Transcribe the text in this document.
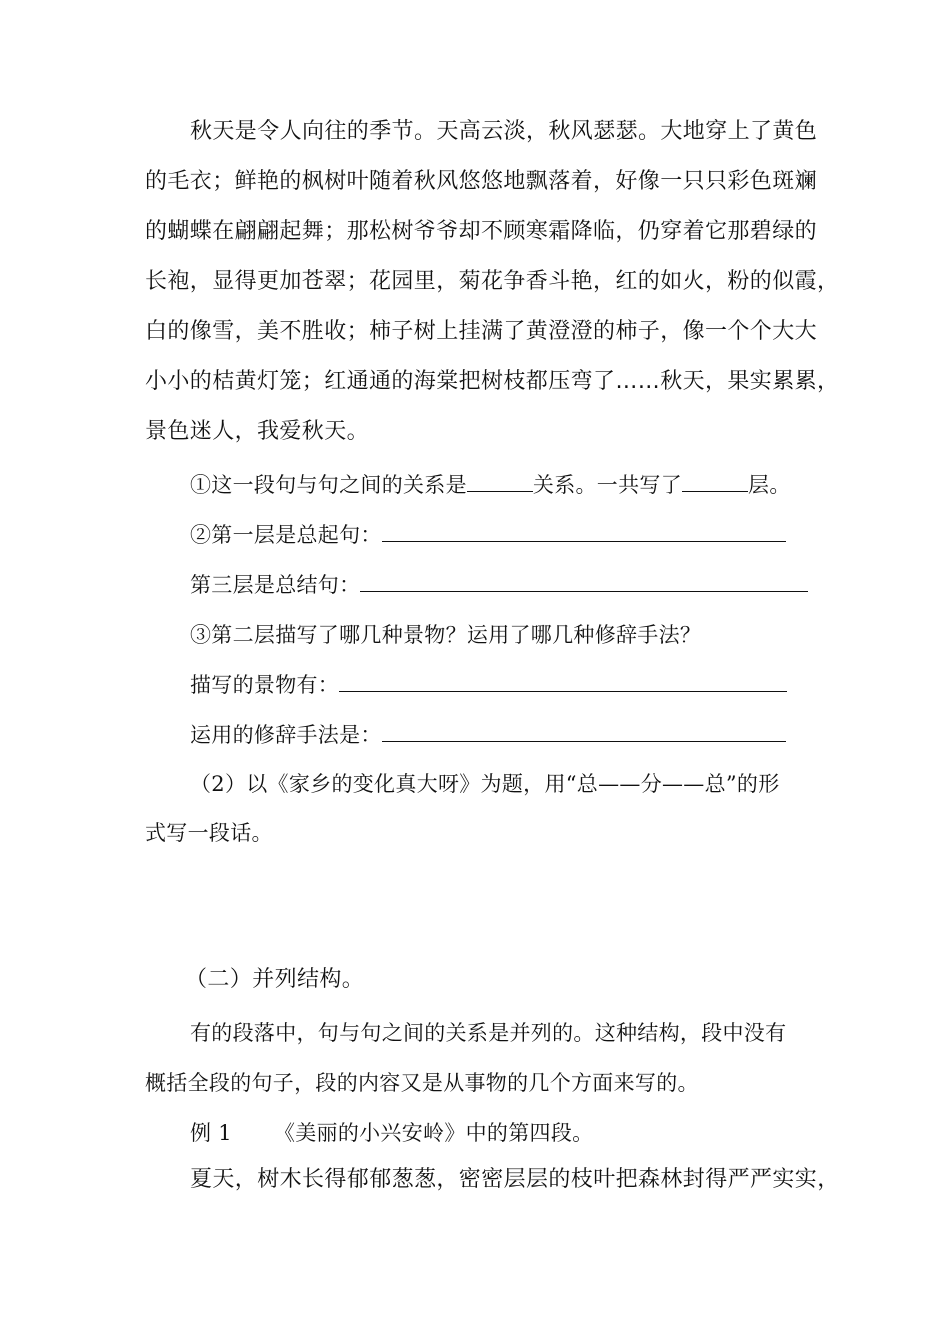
秋天是令人向往的季节。天高云淡，秋风瑟瑟。大地穿上了黄色
的毛衣；鲜艳的枫树叶随着秋风悠悠地飘落着，好像一只只彩色斑斓
的蝴蝶在翩翩起舞；那松树爷爷却不顾寒霜降临，仍穿着它那碧绿的
长袍，显得更加苍翠；花园里，菊花争香斗艳，红的如火，粉的似霞，
白的像雪，美不胜收；柿子树上挂满了黄澄澄的柿子，像一个个大大
小小的桔黄灯笼；红通通的海棠把树枝都压弯了……秋天，果实累累，
景色迷人，我爱秋天。
①这一段句与句之间的关系是	关系。一共写了	层。
②第一层是总起句：
第三层是总结句：
③第二层描写了哪几种景物？运用了哪几种修辞手法？
描写的景物有：
运用的修辞手法是：
（2）以《家乡的变化真大呀》为题，用“总——分——总”的形
式写一段话。
（二）并列结构。
有的段落中，句与句之间的关系是并列的。这种结构，段中没有
概括全段的句子，段的内容又是从事物的几个方面来写的。
例 1 《美丽的小兴安岭》中的第四段。
夏天，树木长得郁郁葱葱，密密层层的枝叶把森林封得严严实实，
